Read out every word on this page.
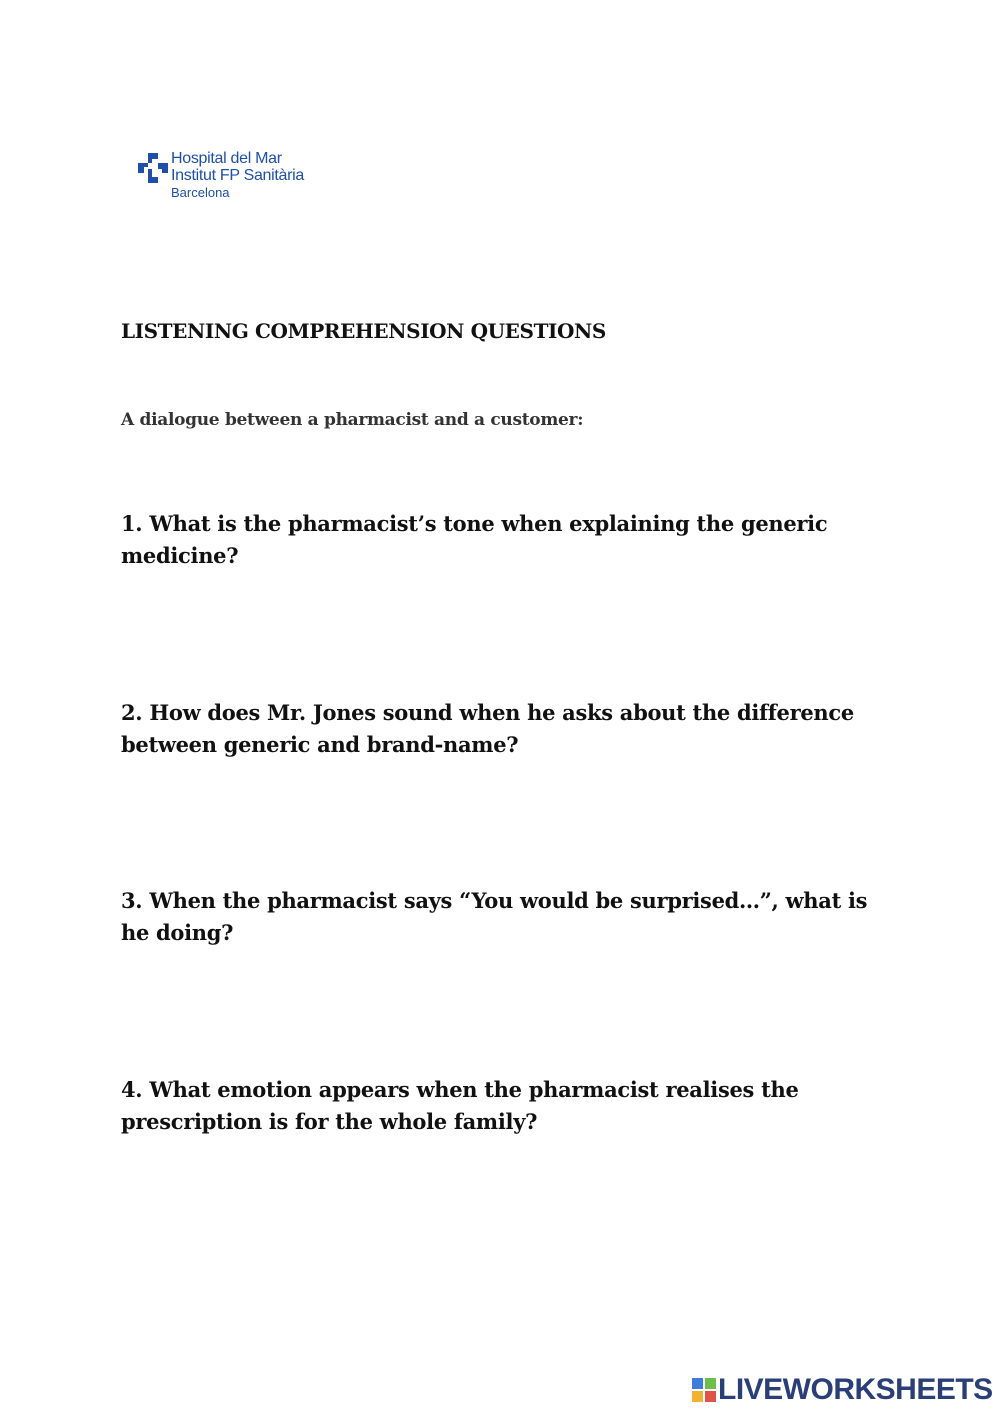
Hospital del Mar
Institut FP Sanitària
Barcelona
LISTENING COMPREHENSION QUESTIONS
A dialogue between a pharmacist and a customer:
1. What is the pharmacist’s tone when explaining the generic medicine?
2. How does Mr. Jones sound when he asks about the difference between generic and brand-name?
3. When the pharmacist says “You would be surprised…”, what is he doing?
4. What emotion appears when the pharmacist realises the prescription is for the whole family?
LIVEWORKSHEETS
